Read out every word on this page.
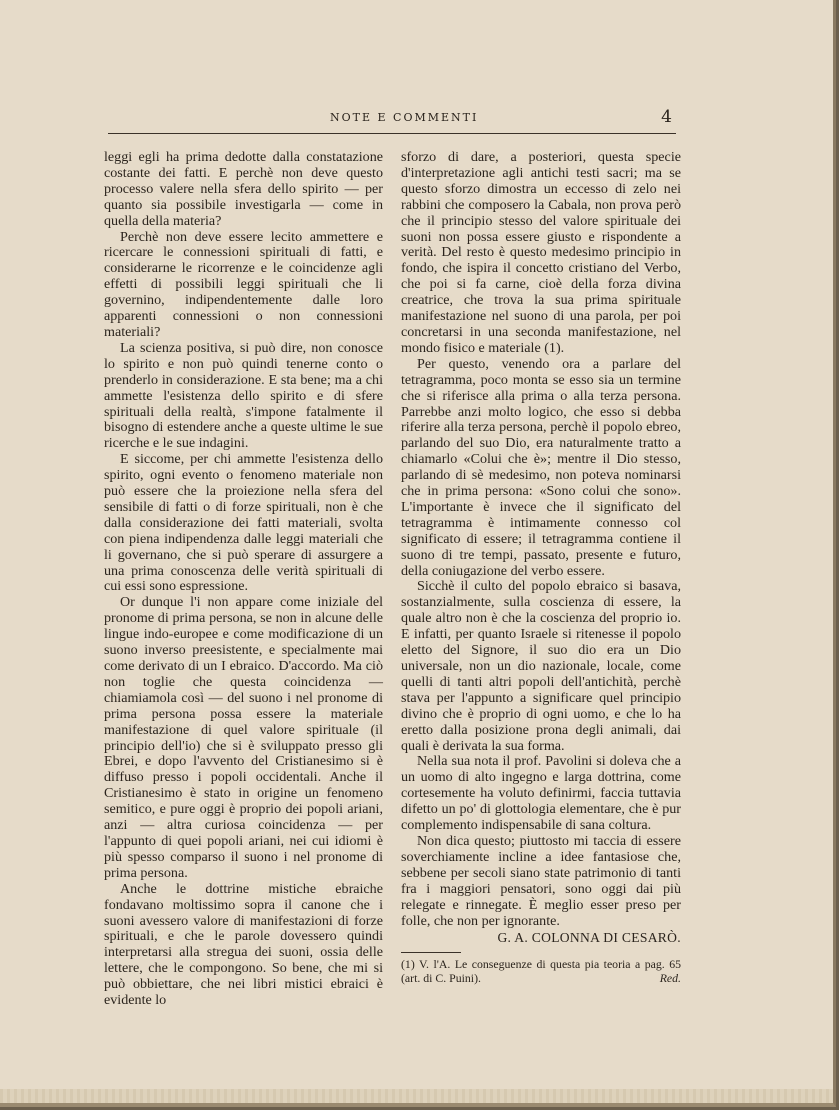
NOTE E COMMENTI	4

leggi egli ha prima dedotte dalla constatazione costante dei fatti. E perchè non deve questo processo valere nella sfera dello spirito — per quanto sia possibile investigarla — come in quella della materia?

Perchè non deve essere lecito ammettere e ricercare le connessioni spirituali di fatti, e considerarne le ricorrenze e le coincidenze agli effetti di possibili leggi spirituali che li governino, indipendentemente dalle loro apparenti connessioni o non connessioni materiali?

La scienza positiva, si può dire, non conosce lo spirito e non può quindi tenerne conto o prenderlo in considerazione. E sta bene; ma a chi ammette l'esistenza dello spirito e di sfere spirituali della realtà, s'impone fatalmente il bisogno di estendere anche a queste ultime le sue ricerche e le sue indagini.

E siccome, per chi ammette l'esistenza dello spirito, ogni evento o fenomeno materiale non può essere che la proiezione nella sfera del sensibile di fatti o di forze spirituali, non è che dalla considerazione dei fatti materiali, svolta con piena indipendenza dalle leggi materiali che li governano, che si può sperare di assurgere a una prima conoscenza delle verità spirituali di cui essi sono espressione.

Or dunque l'i non appare come iniziale del pronome di prima persona, se non in alcune delle lingue indo-europee e come modificazione di un suono inverso preesistente, e specialmente mai come derivato di un I ebraico. D'accordo. Ma ciò non toglie che questa coincidenza — chiamiamola così — del suono i nel pronome di prima persona possa essere la materiale manifestazione di quel valore spirituale (il principio dell'io) che si è sviluppato presso gli Ebrei, e dopo l'avvento del Cristianesimo si è diffuso presso i popoli occidentali. Anche il Cristianesimo è stato in origine un fenomeno semitico, e pure oggi è proprio dei popoli ariani, anzi — altra curiosa coincidenza — per l'appunto di quei popoli ariani, nei cui idiomi è più spesso comparso il suono i nel pronome di prima persona.

Anche le dottrine mistiche ebraiche fondavano moltissimo sopra il canone che i suoni avessero valore di manifestazioni di forze spirituali, e che le parole dovessero quindi interpretarsi alla stregua dei suoni, ossia delle lettere, che le compongono. So bene, che mi si può obbiettare, che nei libri mistici ebraici è evidente lo

sforzo di dare, a posteriori, questa specie d'interpretazione agli antichi testi sacri; ma se questo sforzo dimostra un eccesso di zelo nei rabbini che composero la Cabala, non prova però che il principio stesso del valore spirituale dei suoni non possa essere giusto e rispondente a verità. Del resto è questo medesimo principio in fondo, che ispira il concetto cristiano del Verbo, che poi si fa carne, cioè della forza divina creatrice, che trova la sua prima spirituale manifestazione nel suono di una parola, per poi concretarsi in una seconda manifestazione, nel mondo fisico e materiale (1).

Per questo, venendo ora a parlare del tetragramma, poco monta se esso sia un termine che si riferisce alla prima o alla terza persona. Parrebbe anzi molto logico, che esso si debba riferire alla terza persona, perchè il popolo ebreo, parlando del suo Dio, era naturalmente tratto a chiamarlo «Colui che è»; mentre il Dio stesso, parlando di sè medesimo, non poteva nominarsi che in prima persona: «Sono colui che sono». L'importante è invece che il significato del tetragramma è intimamente connesso col significato di essere; il tetragramma contiene il suono di tre tempi, passato, presente e futuro, della coniugazione del verbo essere.

Sicchè il culto del popolo ebraico si basava, sostanzialmente, sulla coscienza di essere, la quale altro non è che la coscienza del proprio io. E infatti, per quanto Israele si ritenesse il popolo eletto del Signore, il suo dio era un Dio universale, non un dio nazionale, locale, come quelli di tanti altri popoli dell'antichità, perchè stava per l'appunto a significare quel principio divino che è proprio di ogni uomo, e che lo ha eretto dalla posizione prona degli animali, dai quali è derivata la sua forma.

Nella sua nota il prof. Pavolini si doleva che a un uomo di alto ingegno e larga dottrina, come cortesemente ha voluto definirmi, faccia tuttavia difetto un po' di glottologia elementare, che è pur complemento indispensabile di sana coltura.

Non dica questo; piuttosto mi taccia di essere soverchiamente incline a idee fantasiose che, sebbene per secoli siano state patrimonio di tanti fra i maggiori pensatori, sono oggi dai più relegate e rinnegate. È meglio esser preso per folle, che non per ignorante.

G. A. COLONNA DI CESARÒ.
(1) V. l'A. Le conseguenze di questa pia teoria a pag. 65 (art. di C. Puini).	Red.
